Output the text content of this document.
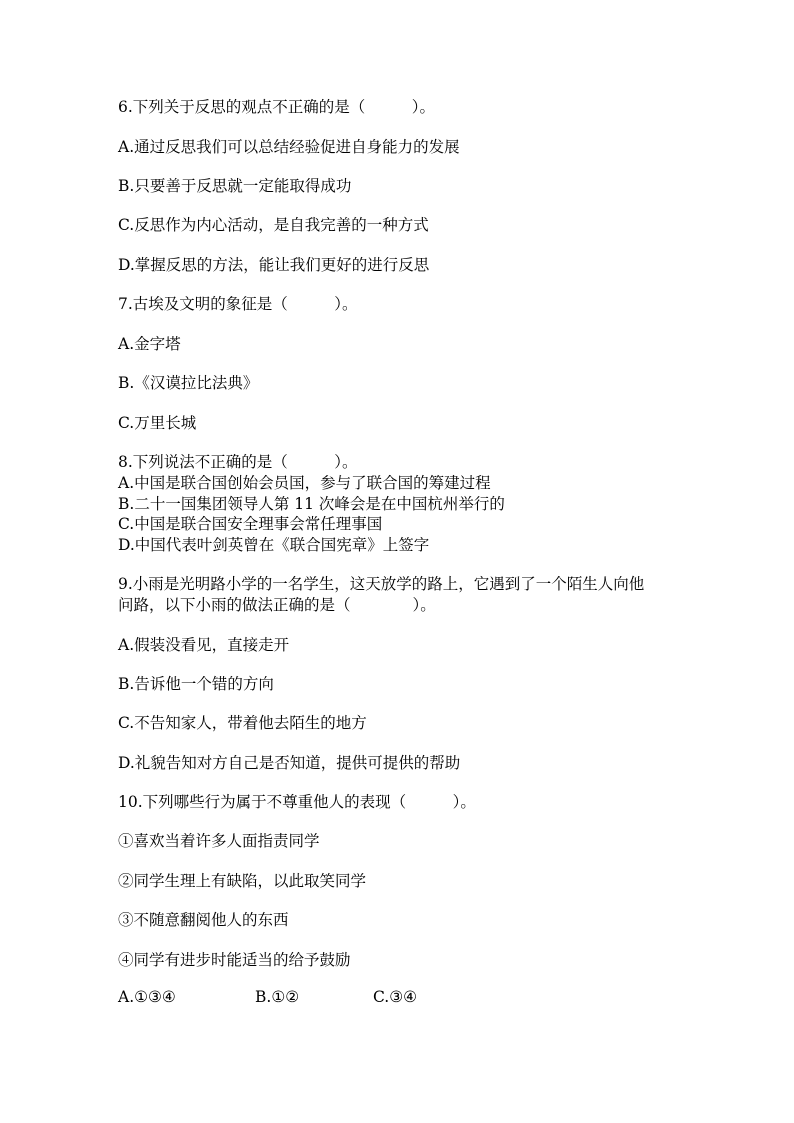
6.下列关于反思的观点不正确的是（　　　）。
A.通过反思我们可以总结经验促进自身能力的发展
B.只要善于反思就一定能取得成功
C.反思作为内心活动，是自我完善的一种方式
D.掌握反思的方法，能让我们更好的进行反思
7.古埃及文明的象征是（　　　）。
A.金字塔
B.《汉谟拉比法典》
C.万里长城
8.下列说法不正确的是（　　　）。
A.中国是联合国创始会员国，参与了联合国的筹建过程
B.二十一国集团领导人第 11 次峰会是在中国杭州举行的
C.中国是联合国安全理事会常任理事国
D.中国代表叶剑英曾在《联合国宪章》上签字
9.小雨是光明路小学的一名学生，这天放学的路上，它遇到了一个陌生人向他
问路，以下小雨的做法正确的是（　　　　）。
A.假装没看见，直接走开
B.告诉他一个错的方向
C.不告知家人，带着他去陌生的地方
D.礼貌告知对方自己是否知道，提供可提供的帮助
10.下列哪些行为属于不尊重他人的表现（　　　）。
①喜欢当着许多人面指责同学
②同学生理上有缺陷，以此取笑同学
③不随意翻阅他人的东西
④同学有进步时能适当的给予鼓励
A.①③④	B.①②	C.③④
